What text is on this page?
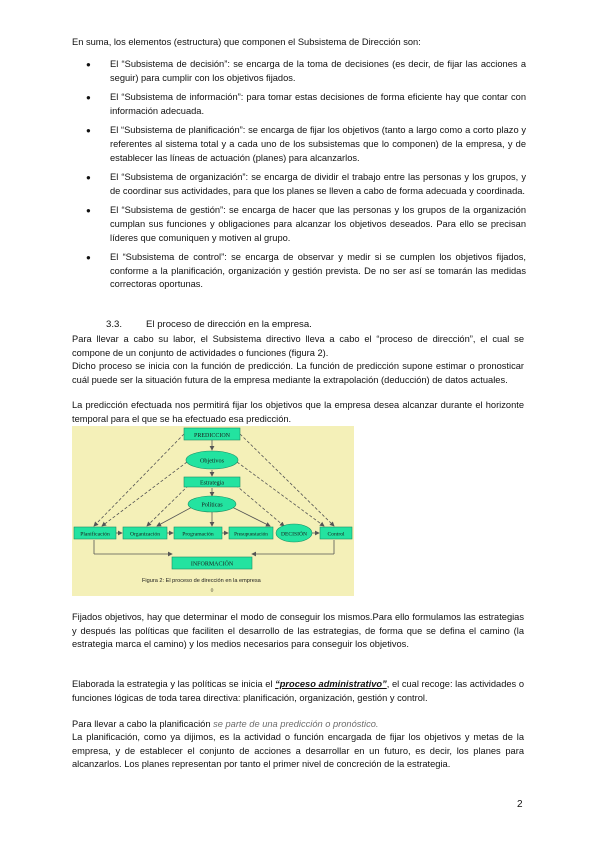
En suma, los elementos (estructura) que componen el Subsistema de Dirección son:

● El “Subsistema de decisión”: se encarga de la toma de decisiones (es decir, de fijar las acciones a seguir) para cumplir con los objetivos fijados.
● El “Subsistema de información”: para tomar estas decisiones de forma eficiente hay que contar con información adecuada.
● El “Subsistema de planificación”: se encarga de fijar los objetivos (tanto a largo como a corto plazo y referentes al sistema total y a cada uno de los subsistemas que lo componen) de la empresa, y de establecer las líneas de actuación (planes) para alcanzarlos.
● El “Subsistema de organización”: se encarga de dividir el trabajo entre las personas y los grupos, y de coordinar sus actividades, para que los planes se lleven a cabo de forma adecuada y coordinada.
● El “Subsistema de gestión”: se encarga de hacer que las personas y los grupos de la organización cumplan sus funciones y obligaciones para alcanzar los objetivos deseados. Para ello se precisan líderes que comuniquen y motiven al grupo.
● El “Subsistema de control”: se encarga de observar y medir si se cumplen los objetivos fijados, conforme a la planificación, organización y gestión prevista. De no ser así se tomarán las medidas correctoras oportunas.
3.3. El proceso de dirección en la empresa.

Para llevar a cabo su labor, el Subsistema directivo lleva a cabo el “proceso de dirección”, el cual se compone de un conjunto de actividades o funciones (figura 2).

Dicho proceso se inicia con la función de predicción. La función de predicción supone estimar o pronosticar cuál puede ser la situación futura de la empresa mediante la extrapolación (deducción) de datos actuales.

La predicción efectuada nos permitirá fijar los objetivos que la empresa desea alcanzar durante el horizonte temporal para el que se ha efectuado esa predicción.

PREDICCION
Objetivos
Estrategia
Políticas
Planificación	Organización	Programación	Presupuestación DECISIÓN	Control
INFORMACIÓN
Figura 2: El proceso de dirección en la empresa
◊

Fijados objetivos, hay que determinar el modo de conseguir los mismos.Para ello formulamos las estrategias y después las políticas que faciliten el desarrollo de las estrategias, de forma que se defina el camino (la estrategia marca el camino) y los medios necesarios para conseguir los objetivos.

Elaborada la estrategia y las políticas se inicia el “proceso administrativo”, el cual recoge: las actividades o funciones lógicas de toda tarea directiva: planificación, organización, gestión y control.

Para llevar a cabo la planificación se parte de una predicción o pronóstico.

La planificación, como ya dijimos, es la actividad o función encargada de fijar los objetivos y metas de la empresa, y de establecer el conjunto de acciones a desarrollar en un futuro, es decir, los planes para alcanzarlos. Los planes representan por tanto el primer nivel de concreción de la estrategia.

2
